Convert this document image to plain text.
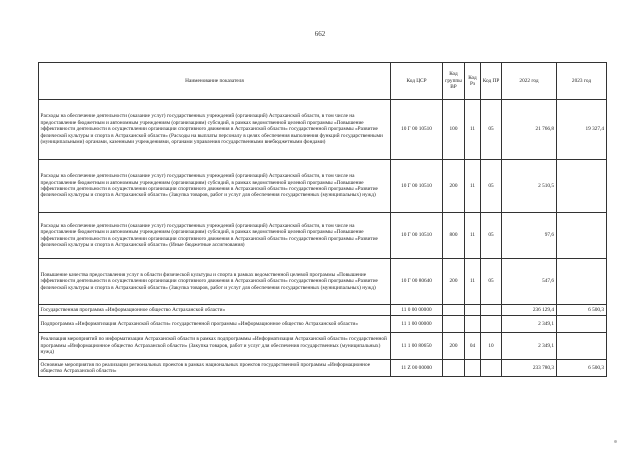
662
Наименование показателя	Код ЦСР	Код группы ВР	Код Рз	Код ПР	2022 год	2023 год
Расходы на обеспечение деятельности (оказание услуг) государственных учреждений (организаций) Астраханской области, в том числе на предоставление бюджетным и автономным учреждениям (организациям) субсидий, в рамках ведомственной целевой программы «Повышение эффективности деятельности в осуществлении организации спортивного движения в Астраханской области» государственной программы «Развитие физической культуры и спорта в Астраханской области» (Расходы на выплаты персоналу в целях обеспечения выполнения функций государственными (муниципальными) органами, казенными учреждениями, органами управления государственными внебюджетными фондами)	10 Г 00 10510	100	11	05	21 766,8	19 327,4
Расходы на обеспечение деятельности (оказание услуг) государственных учреждений (организаций) Астраханской области, в том числе на предоставление бюджетным и автономным учреждениям (организациям) субсидий, в рамках ведомственной целевой программы «Повышение эффективности деятельности в осуществлении организации спортивного движения в Астраханской области» государственной программы «Развитие физической культуры и спорта в Астраханской области» (Закупка товаров, работ и услуг для обеспечения государственных (муниципальных) нужд)	10 Г 00 10510	200	11	05	2 510,5	
Расходы на обеспечение деятельности (оказание услуг) государственных учреждений (организаций) Астраханской области, в том числе на предоставление бюджетным и автономным учреждениям (организациям) субсидий, в рамках ведомственной целевой программы «Повышение эффективности деятельности в осуществлении организации спортивного движения в Астраханской области» государственной программы «Развитие физической культуры и спорта в Астраханской области» (Иные бюджетные ассигнования)	10 Г 00 10510	800	11	05	97,6	
Повышение качества предоставления услуг в области физической культуры и спорта в рамках ведомственной целевой программы «Повышение эффективности деятельности в осуществлении организации спортивного движения в Астраханской области» государственной программы «Развитие физической культуры и спорта в Астраханской области» (Закупка товаров, работ и услуг для обеспечения государственных (муниципальных) нужд)	10 Г 00 80640	200	11	05	547,6	
Государственная программа «Информационное общество Астраханской области»	11 0 00 00000				236 129,4	6 500,3
Подпрограмма «Информатизация Астраханской области» государственной программы «Информационное общество Астраханской области»	11 1 00 00000				2 349,1	
Реализация мероприятий по информатизации Астраханской области в рамках подпрограммы «Информатизация Астраханской области» государственной программы «Информационное общество Астраханской области» (Закупка товаров, работ и услуг для обеспечения государственных (муниципальных) нужд)	11 1 00 80650	200	04	10	2 349,1	
Основные мероприятия по реализации региональных проектов в рамках национальных проектов государственной программы «Информационное общество Астраханской области»	11 Z 00 00000				233 780,3	6 500,3
